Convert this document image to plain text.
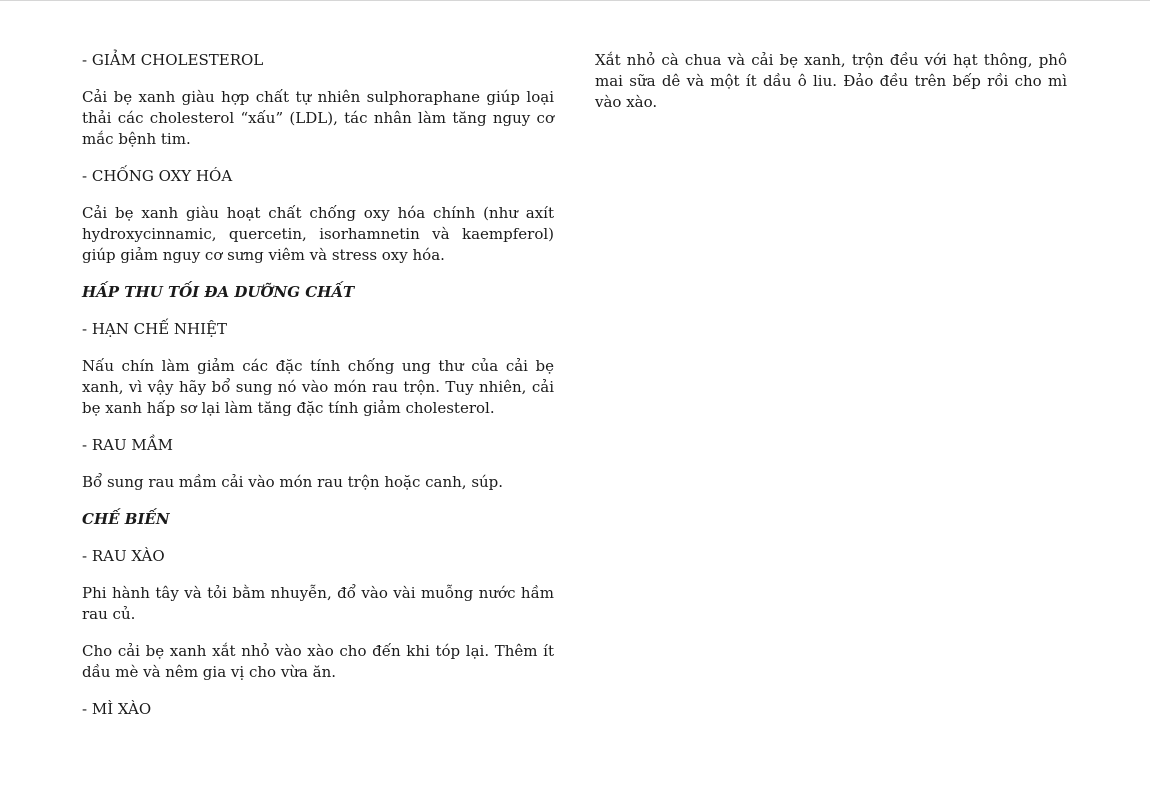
- GIẢM CHOLESTEROL

Cải bẹ xanh giàu hợp chất tự nhiên sulphoraphane giúp loại thải các cholesterol “xấu” (LDL), tác nhân làm tăng nguy cơ mắc bệnh tim.

- CHỐNG OXY HÓA

Cải bẹ xanh giàu hoạt chất chống oxy hóa chính (như axít hydroxycinnamic, quercetin, isorhamnetin và kaempferol) giúp giảm nguy cơ sưng viêm và stress oxy hóa.

HẤP THU TỐI ĐA DƯỠNG CHẤT

- HẠN CHẾ NHIỆT

Nấu chín làm giảm các đặc tính chống ung thư của cải bẹ xanh, vì vậy hãy bổ sung nó vào món rau trộn. Tuy nhiên, cải bẹ xanh hấp sơ lại làm tăng đặc tính giảm cholesterol.

- RAU MẦM

Bổ sung rau mầm cải vào món rau trộn hoặc canh, súp.

CHẾ BIẾN

- RAU XÀO

Phi hành tây và tỏi bằm nhuyễn, đổ vào vài muỗng nước hầm rau củ.

Cho cải bẹ xanh xắt nhỏ vào xào cho đến khi tóp lại. Thêm ít dầu mè và nêm gia vị cho vừa ăn.

- MÌ XÀO

Xắt nhỏ cà chua và cải bẹ xanh, trộn đều với hạt thông, phô mai sữa dê và một ít dầu ô liu. Đảo đều trên bếp rồi cho mì vào xào.
